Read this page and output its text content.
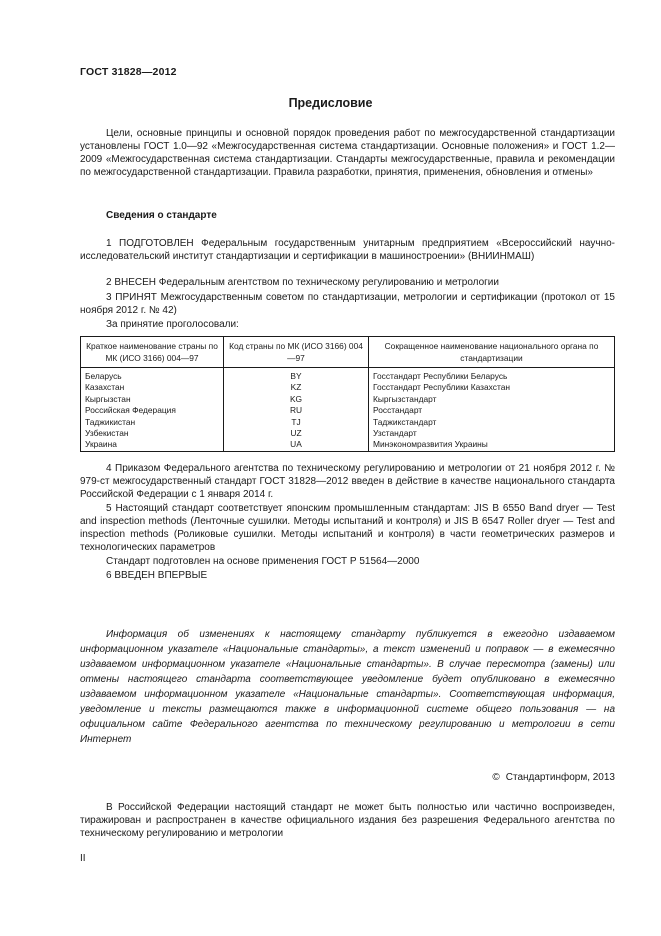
ГОСТ 31828—2012
Предисловие
Цели, основные принципы и основной порядок проведения работ по межгосударственной стандартизации установлены ГОСТ 1.0—92 «Межгосударственная система стандартизации. Основные положения» и ГОСТ 1.2—2009 «Межгосударственная система стандартизации. Стандарты межгосударственные, правила и рекомендации по межгосударственной стандартизации. Правила разработки, принятия, применения, обновления и отмены»
Сведения о стандарте
1 ПОДГОТОВЛЕН Федеральным государственным унитарным предприятием «Всероссийский научно-исследовательский институт стандартизации и сертификации в машиностроении» (ВНИИНМАШ)
2 ВНЕСЕН Федеральным агентством по техническому регулированию и метрологии
3 ПРИНЯТ Межгосударственным советом по стандартизации, метрологии и сертификации (протокол от 15 ноября 2012 г. № 42)
За принятие проголосовали:
Краткое наименование страны по МК (ИСО 3166) 004—97	Код страны по МК (ИСО 3166) 004—97	Сокращенное наименование национального органа по стандартизации
Беларусь	BY	Госстандарт Республики Беларусь
Казахстан	KZ	Госстандарт Республики Казахстан
Кыргызстан	KG	Кыргызстандарт
Российская Федерация	RU	Росстандарт
Таджикистан	TJ	Таджикстандарт
Узбекистан	UZ	Узстандарт
Украина	UA	Минэкономразвития Украины
4 Приказом Федерального агентства по техническому регулированию и метрологии от 21 ноября 2012 г. № 979-ст межгосударственный стандарт ГОСТ 31828—2012 введен в действие в качестве национального стандарта Российской Федерации с 1 января 2014 г.
5 Настоящий стандарт соответствует японским промышленным стандартам: JIS B 6550 Band dryer — Test and inspection methods (Ленточные сушилки. Методы испытаний и контроля) и JIS B 6547 Roller dryer — Test and inspection methods (Роликовые сушилки. Методы испытаний и контроля) в части геометрических размеров и технологических параметров
Стандарт подготовлен на основе применения ГОСТ Р 51564—2000
6 ВВЕДЕН ВПЕРВЫЕ
Информация об изменениях к настоящему стандарту публикуется в ежегодно издаваемом информационном указателе «Национальные стандарты», а текст изменений и поправок — в ежемесячно издаваемом информационном указателе «Национальные стандарты». В случае пересмотра (замены) или отмены настоящего стандарта соответствующее уведомление будет опубликовано в ежемесячно издаваемом информационном указателе «Национальные стандарты». Соответствующая информация, уведомление и тексты размещаются также в информационной системе общего пользования — на официальном сайте Федерального агентства по техническому регулированию и метрологии в сети Интернет
© Стандартинформ, 2013
В Российской Федерации настоящий стандарт не может быть полностью или частично воспроизведен, тиражирован и распространен в качестве официального издания без разрешения Федерального агентства по техническому регулированию и метрологии
II
